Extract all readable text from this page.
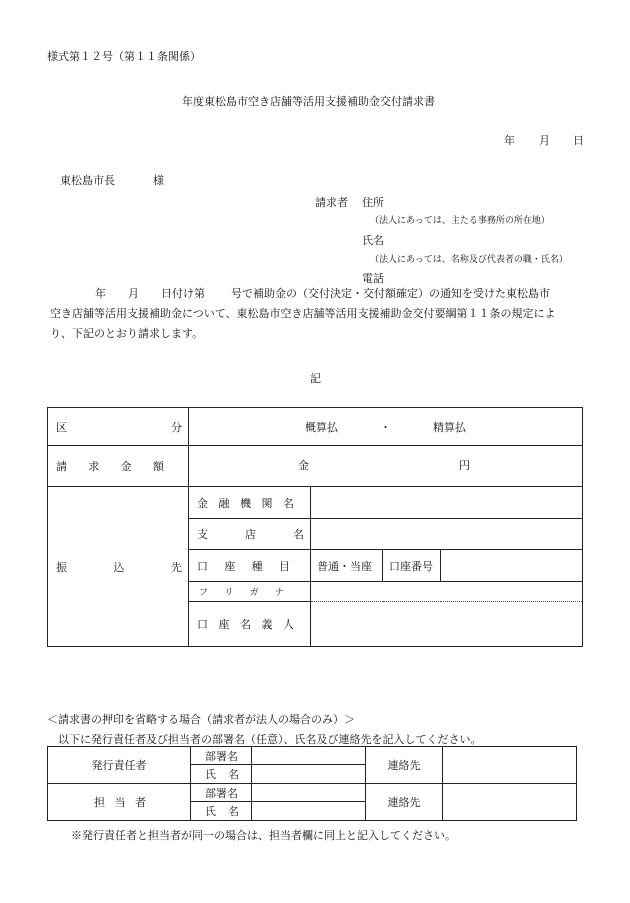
様式第１２号（第１１条関係）
年度東松島市空き店舗等活用支援補助金交付請求書
年 月 日
東松島市長	様
請求者 住所
（法人にあっては、主たる事務所の所在地）
氏名
（法人にあっては、名称及び代表者の職・氏名）
電話
年 月 日付け第 号で補助金の（交付決定・交付額確定）の通知を受けた東松島市
空き店舗等活用支援補助金について、東松島市空き店舗等活用支援補助金交付要綱第１１条の規定によ
り、下記のとおり請求します。
記
区 分	概算払 ・ 精算払			

請 求 金 額	金 円			

振 込 先	金 融 機 関 名			

	支 店 名			

	口 座 種 目	普通・当座	口座番号	

	フ リ ガ ナ			

	口 座 名 義 人			

＜請求書の押印を省略する場合（請求者が法人の場合のみ）＞
以下に発行責任者及び担当者の部署名（任意）、氏名及び連絡先を記入してください。
発行責任者	部署名		連絡先	

	氏 名			

担 当 者	部署名		連絡先	

	氏 名			

※発行責任者と担当者が同一の場合は、担当者欄に同上と記入してください。
